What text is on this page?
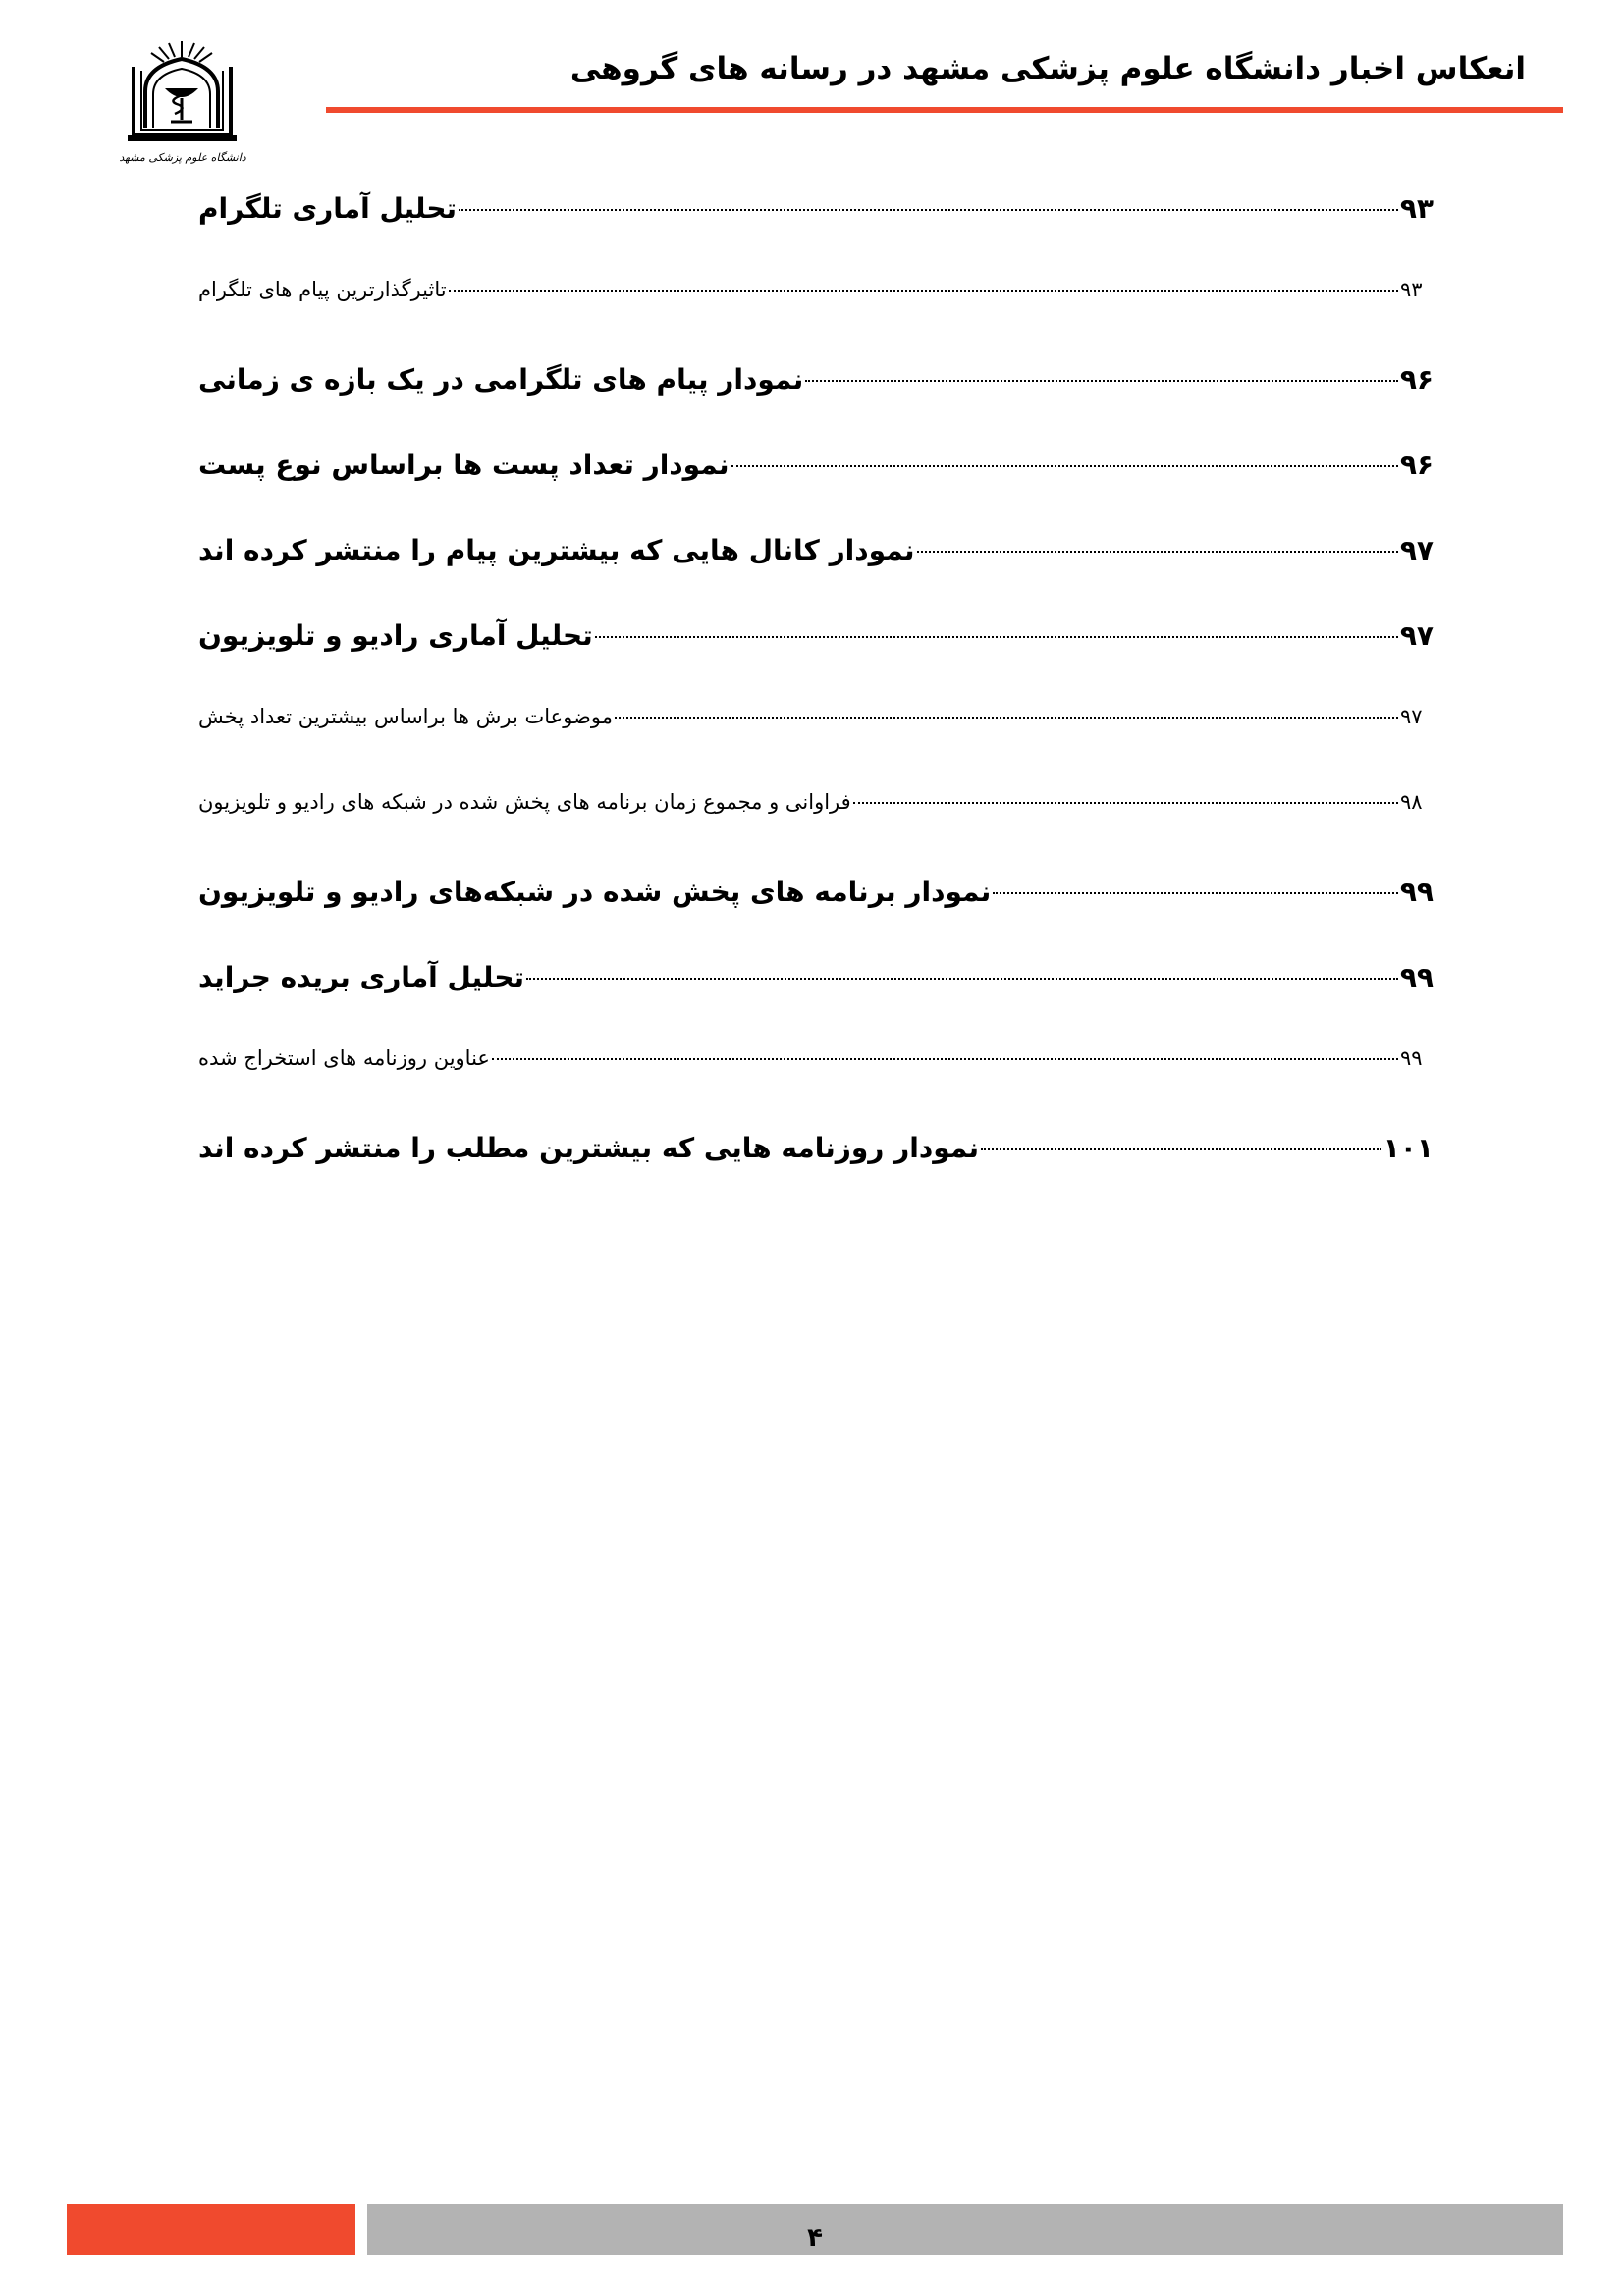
انعکاس اخبار دانشگاه علوم پزشکی مشهد در رسانه های گروهی
دانشگاه علوم پزشکی مشهد
تحلیل آماری تلگرام	۹۳
تاثیرگذارترین پیام های تلگرام	۹۳
نمودار پیام های تلگرامی در یک بازه ی زمانی	۹۶
نمودار تعداد پست ها براساس نوع پست	۹۶
نمودار کانال هایی که بیشترین پیام را منتشر کرده اند	۹۷
تحلیل آماری رادیو و تلویزیون	۹۷
موضوعات برش ها براساس بیشترین تعداد پخش	۹۷
فراوانی و مجموع زمان برنامه های پخش شده در شبکه های رادیو و تلویزیون	۹۸
نمودار برنامه های پخش شده در شبکه‌های رادیو و تلویزیون	۹۹
تحلیل آماری بریده جراید	۹۹
عناوین روزنامه های استخراج شده	۹۹
نمودار روزنامه هایی که بیشترین مطلب را منتشر کرده اند	۱۰۱
۴
